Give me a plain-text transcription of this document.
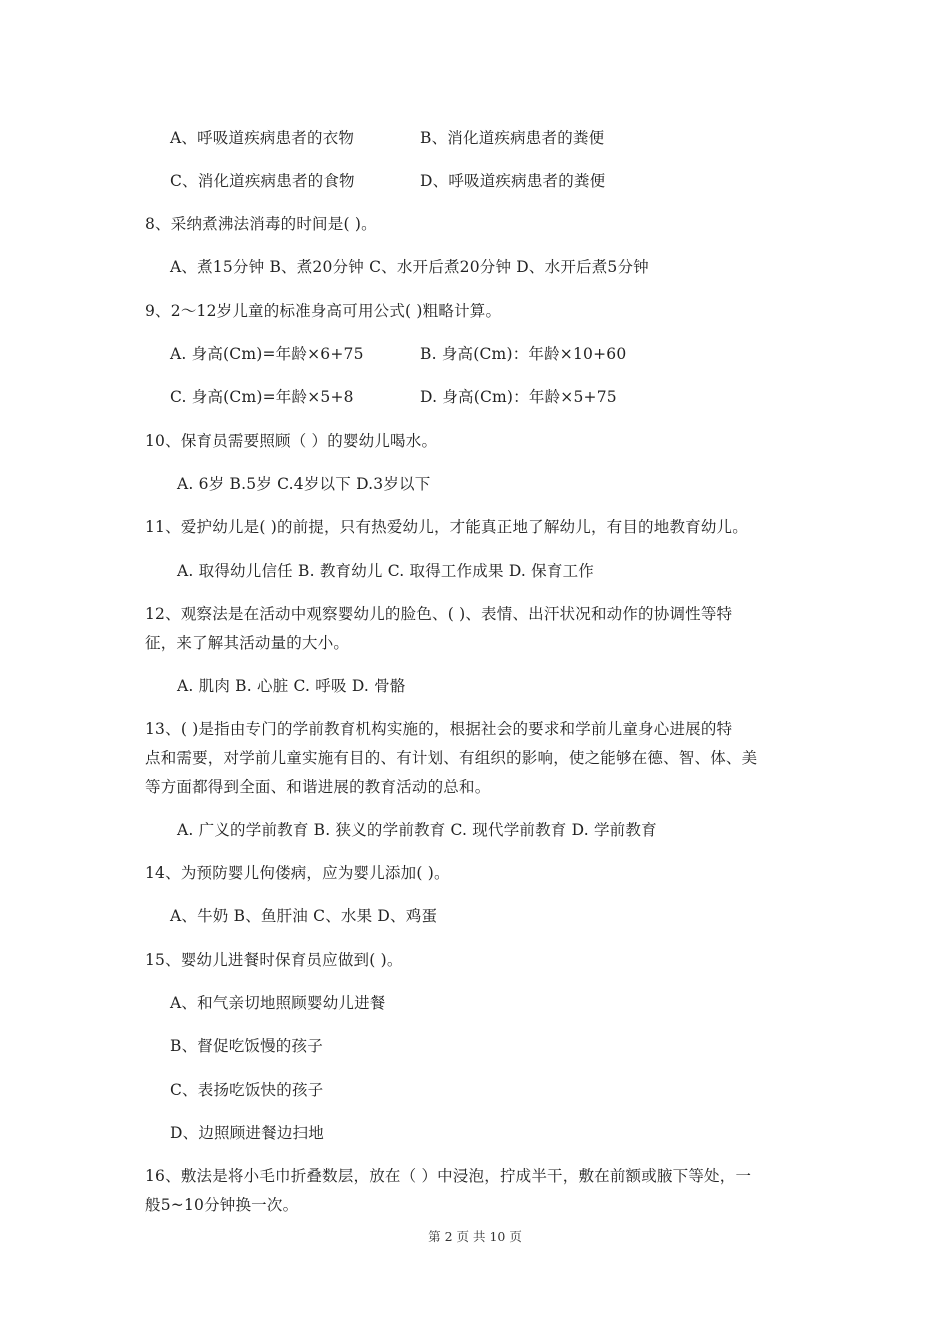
A、呼吸道疾病患者的衣物	B、消化道疾病患者的粪便
C、消化道疾病患者的食物	D、呼吸道疾病患者的粪便
8、采纳煮沸法消毒的时间是( )。
A、煮15分钟 B、煮20分钟 C、水开后煮20分钟 D、水开后煮5分钟
9、2～12岁儿童的标准身高可用公式( )粗略计算。
A. 身高(Cm)=年龄×6+75	B. 身高(Cm)：年龄×10+60
C. 身高(Cm)=年龄×5+8	D. 身高(Cm)：年龄×5+75
10、保育员需要照顾（ ）的婴幼儿喝水。
A. 6岁 B.5岁 C.4岁以下 D.3岁以下
11、爱护幼儿是( )的前提，只有热爱幼儿，才能真正地了解幼儿，有目的地教育幼儿。
A. 取得幼儿信任 B. 教育幼儿 C. 取得工作成果 D. 保育工作
12、观察法是在活动中观察婴幼儿的脸色、( )、表情、出汗状况和动作的协调性等特
征，来了解其活动量的大小。
A. 肌肉 B. 心脏 C. 呼吸 D. 骨骼
13、( )是指由专门的学前教育机构实施的，根据社会的要求和学前儿童身心进展的特
点和需要，对学前儿童实施有目的、有计划、有组织的影响，使之能够在德、智、体、美
等方面都得到全面、和谐进展的教育活动的总和。
A. 广义的学前教育 B. 狭义的学前教育 C. 现代学前教育 D. 学前教育
14、为预防婴儿佝偻病，应为婴儿添加( )。
A、牛奶 B、鱼肝油 C、水果 D、鸡蛋
15、婴幼儿进餐时保育员应做到( )。
A、和气亲切地照顾婴幼儿进餐
B、督促吃饭慢的孩子
C、表扬吃饭快的孩子
D、边照顾进餐边扫地
16、敷法是将小毛巾折叠数层，放在（ ）中浸泡，拧成半干，敷在前额或腋下等处，一
般5~10分钟换一次。
第 2 页 共 10 页
